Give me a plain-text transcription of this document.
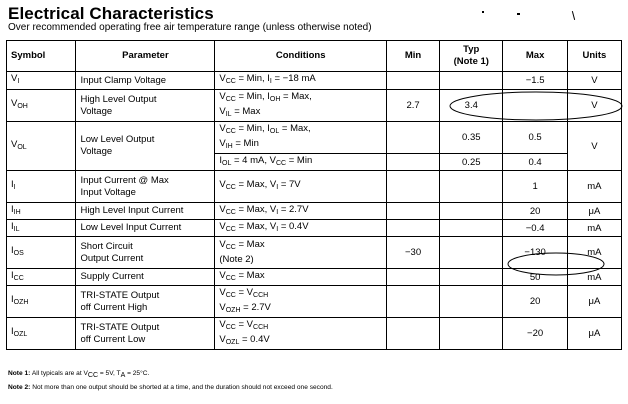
Electrical Characteristics
Over recommended operating free air temperature range (unless otherwise noted)
Symbol	Parameter	Conditions	Min	Typ
(Note 1)	Max	Units
$V_I$	Input Clamp Voltage	$V_{CC}$ = Min, $I_I = -18$ mA			−1.5	V
$V_{OH}$	High Level Output
Voltage	$V_{CC}$ = Min, $I_{OH}$ = Max,
$V_{IL}$ = Max	2.7	3.4		V
$V_{OL}$	Low Level Output
Voltage	$V_{CC}$ = Min, $I_{OL}$ = Max,
$V_{IH}$ = Min		0.35	0.5	V
		$I_{OL} = 4$ mA, $V_{CC}$ = Min		0.25	0.4	
$I_I$	Input Current @ Max
Input Voltage	$V_{CC}$ = Max, $V_I = 7V$			1	mA
$I_{IH}$	High Level Input Current	$V_{CC}$ = Max, $V_I = 2.7V$			20	μA
$I_{IL}$	Low Level Input Current	$V_{CC}$ = Max, $V_I = 0.4V$			−0.4	mA
$I_{OS}$	Short Circuit
Output Current	$V_{CC}$ = Max
(Note 2)	−30		−130	mA
$I_{CC}$	Supply Current	$V_{CC}$ = Max			50	mA
$I_{OZH}$	TRI-STATE Output
off Current High	$V_{CC} = V_{CCH}$
$V_{OZH} = 2.7V$			20	μA
$I_{OZL}$	TRI-STATE Output
off Current Low	$V_{CC} = V_{CCH}$
$V_{OZL} = 0.4V$			−20	μA
Note 1: All typicals are at $V_{CC} = 5V$, $T_A = 25^\circ C$.
Note 2: Not more than one output should be shorted at a time, and the duration should not exceed one second.
